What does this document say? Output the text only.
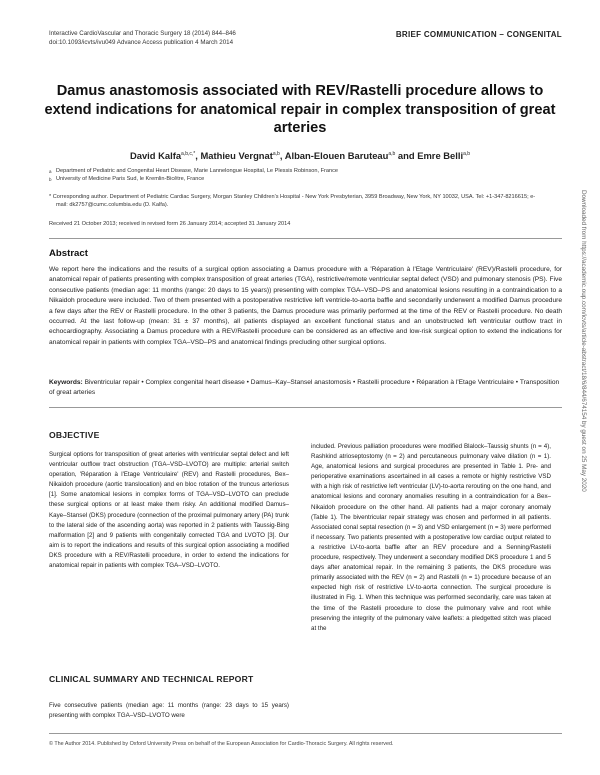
Interactive CardioVascular and Thoracic Surgery 18 (2014) 844–846
doi:10.1093/icvts/ivu049 Advance Access publication 4 March 2014
BRIEF COMMUNICATION – CONGENITAL
Damus anastomosis associated with REV/Rastelli procedure allows to extend indications for anatomical repair in complex transposition of great arteries
David Kalfa$^{a,b,c,*}$, Mathieu Vergnat$^{a,b}$, Alban-Elouen Baruteau$^{a,b}$ and Emre Belli$^{a,b}$
a Department of Pediatric and Congenital Heart Disease, Marie Lannelongue Hospital, Le Plessis Robinson, France
b University of Medicine Paris Sud, le Kremlin-Bicêtre, France
* Corresponding author. Department of Pediatric Cardiac Surgery, Morgan Stanley Children's Hospital - New York Presbyterian, 3959 Broadway, New York, NY 10032, USA. Tel: +1-347-8216615; e-mail: dk2757@cumc.columbia.edu (D. Kalfa).
Received 21 October 2013; received in revised form 26 January 2014; accepted 31 January 2014
Abstract
We report here the indications and the results of a surgical option associating a Damus procedure with a 'Réparation à l'Etage Ventriculaire' (REV)/Rastelli procedure, for anatomical repair of patients presenting with complex transposition of great arteries (TGA), restrictive/remote ventricular septal defect (VSD) and pulmonary stenosis (PS). Five consecutive patients (median age: 11 months (range: 20 days to 15 years)) presenting with complex TGA–VSD–PS and anatomical lesions resulting in a contraindication to a Nikaidoh procedure were included. Two of them presented with a postoperative restrictive left ventricle-to-aorta baffle and secondarily underwent a modified Damus procedure a few days after the REV or Rastelli procedure. In the other 3 patients, the Damus procedure was primarily performed at the time of the REV or Rastelli procedure. No death occurred. At the last follow-up (mean: 31 ± 37 months), all patients displayed an excellent functional status and an unobstructed left ventricular outflow tract in echocardiography. Associating a Damus procedure with a REV/Rastelli procedure can be considered as an effective and low-risk surgical option to extend the indications for anatomical repair in patients with complex TGA–VSD–PS and anatomical findings precluding other surgical options.
Keywords: Biventricular repair • Complex congenital heart disease • Damus–Kay–Stansel anastomosis • Rastelli procedure • Réparation à l'Etage Ventriculaire • Transposition of great arteries
OBJECTIVE
Surgical options for transposition of great arteries with ventricular septal defect and left ventricular outflow tract obstruction (TGA–VSD–LVOTO) are multiple: arterial switch operation, 'Réparation à l'Etage Ventriculaire' (REV) and Rastelli procedures, Bex–Nikaidoh procedure (aortic translocation) and en bloc rotation of the truncus arteriosus [1]. Some anatomical lesions in complex forms of TGA–VSD–LVOTO can preclude these surgical options or at least make them risky. An additional modified Damus–Kaye–Stansel (DKS) procedure (connection of the proximal pulmonary artery (PA) trunk to the lateral side of the ascending aorta) was reported in 2 patients with Taussig-Bing malformation [2] and 9 patients with congenitally corrected TGA and LVOTO [3]. Our aim is to report the indications and results of this surgical option associating a modified DKS procedure with a REV/Rastelli procedure, in order to extend the indications for anatomical repair in patients with complex TGA–VSD–LVOTO.
CLINICAL SUMMARY AND TECHNICAL REPORT
Five consecutive patients (median age: 11 months (range: 23 days to 15 years) presenting with complex TGA–VSD–LVOTO were
included. Previous palliation procedures were modified Blalock–Taussig shunts (n = 4), Rashkind atrioseptostomy (n = 2) and percutaneous pulmonary valve dilation (n = 1). Age, anatomical lesions and surgical procedures are presented in Table 1. Pre- and perioperative examinations ascertained in all cases a remote or highly restrictive VSD with a high risk of restrictive left ventricular (LV)-to-aorta rerouting on the one hand, and anatomical lesions and coronary anomalies resulting in a contraindication for a Bex–Nikaidoh procedure on the other hand. All patients had a major coronary anomaly (Table 1). The biventricular repair strategy was chosen and performed in all patients. Associated conal septal resection (n = 3) and VSD enlargement (n = 3) were performed if necessary. Two patients presented with a postoperative low cardiac output related to a restrictive LV-to-aorta baffle after an REV procedure and a Senning/Rastelli procedure, respectively. They underwent a secondary modified DKS procedure 1 and 5 days after anatomical repair. In the remaining 3 patients, the DKS procedure was primarily associated with the REV (n = 2) and Rastelli (n = 1) procedure because of an expected high risk of restrictive LV-to-aorta connection. The surgical procedure is illustrated in Fig. 1. When this technique was performed secondarily, care was taken at the time of the Rastelli procedure to close the pulmonary valve and root while preserving the integrity of the pulmonary valve leaflets: a pledgetted stitch was placed at the
© The Author 2014. Published by Oxford University Press on behalf of the European Association for Cardio-Thoracic Surgery. All rights reserved.
Downloaded from https://academic.oup.com/icvts/article-abstract/18/6/844/674154 by guest on 25 May 2020
